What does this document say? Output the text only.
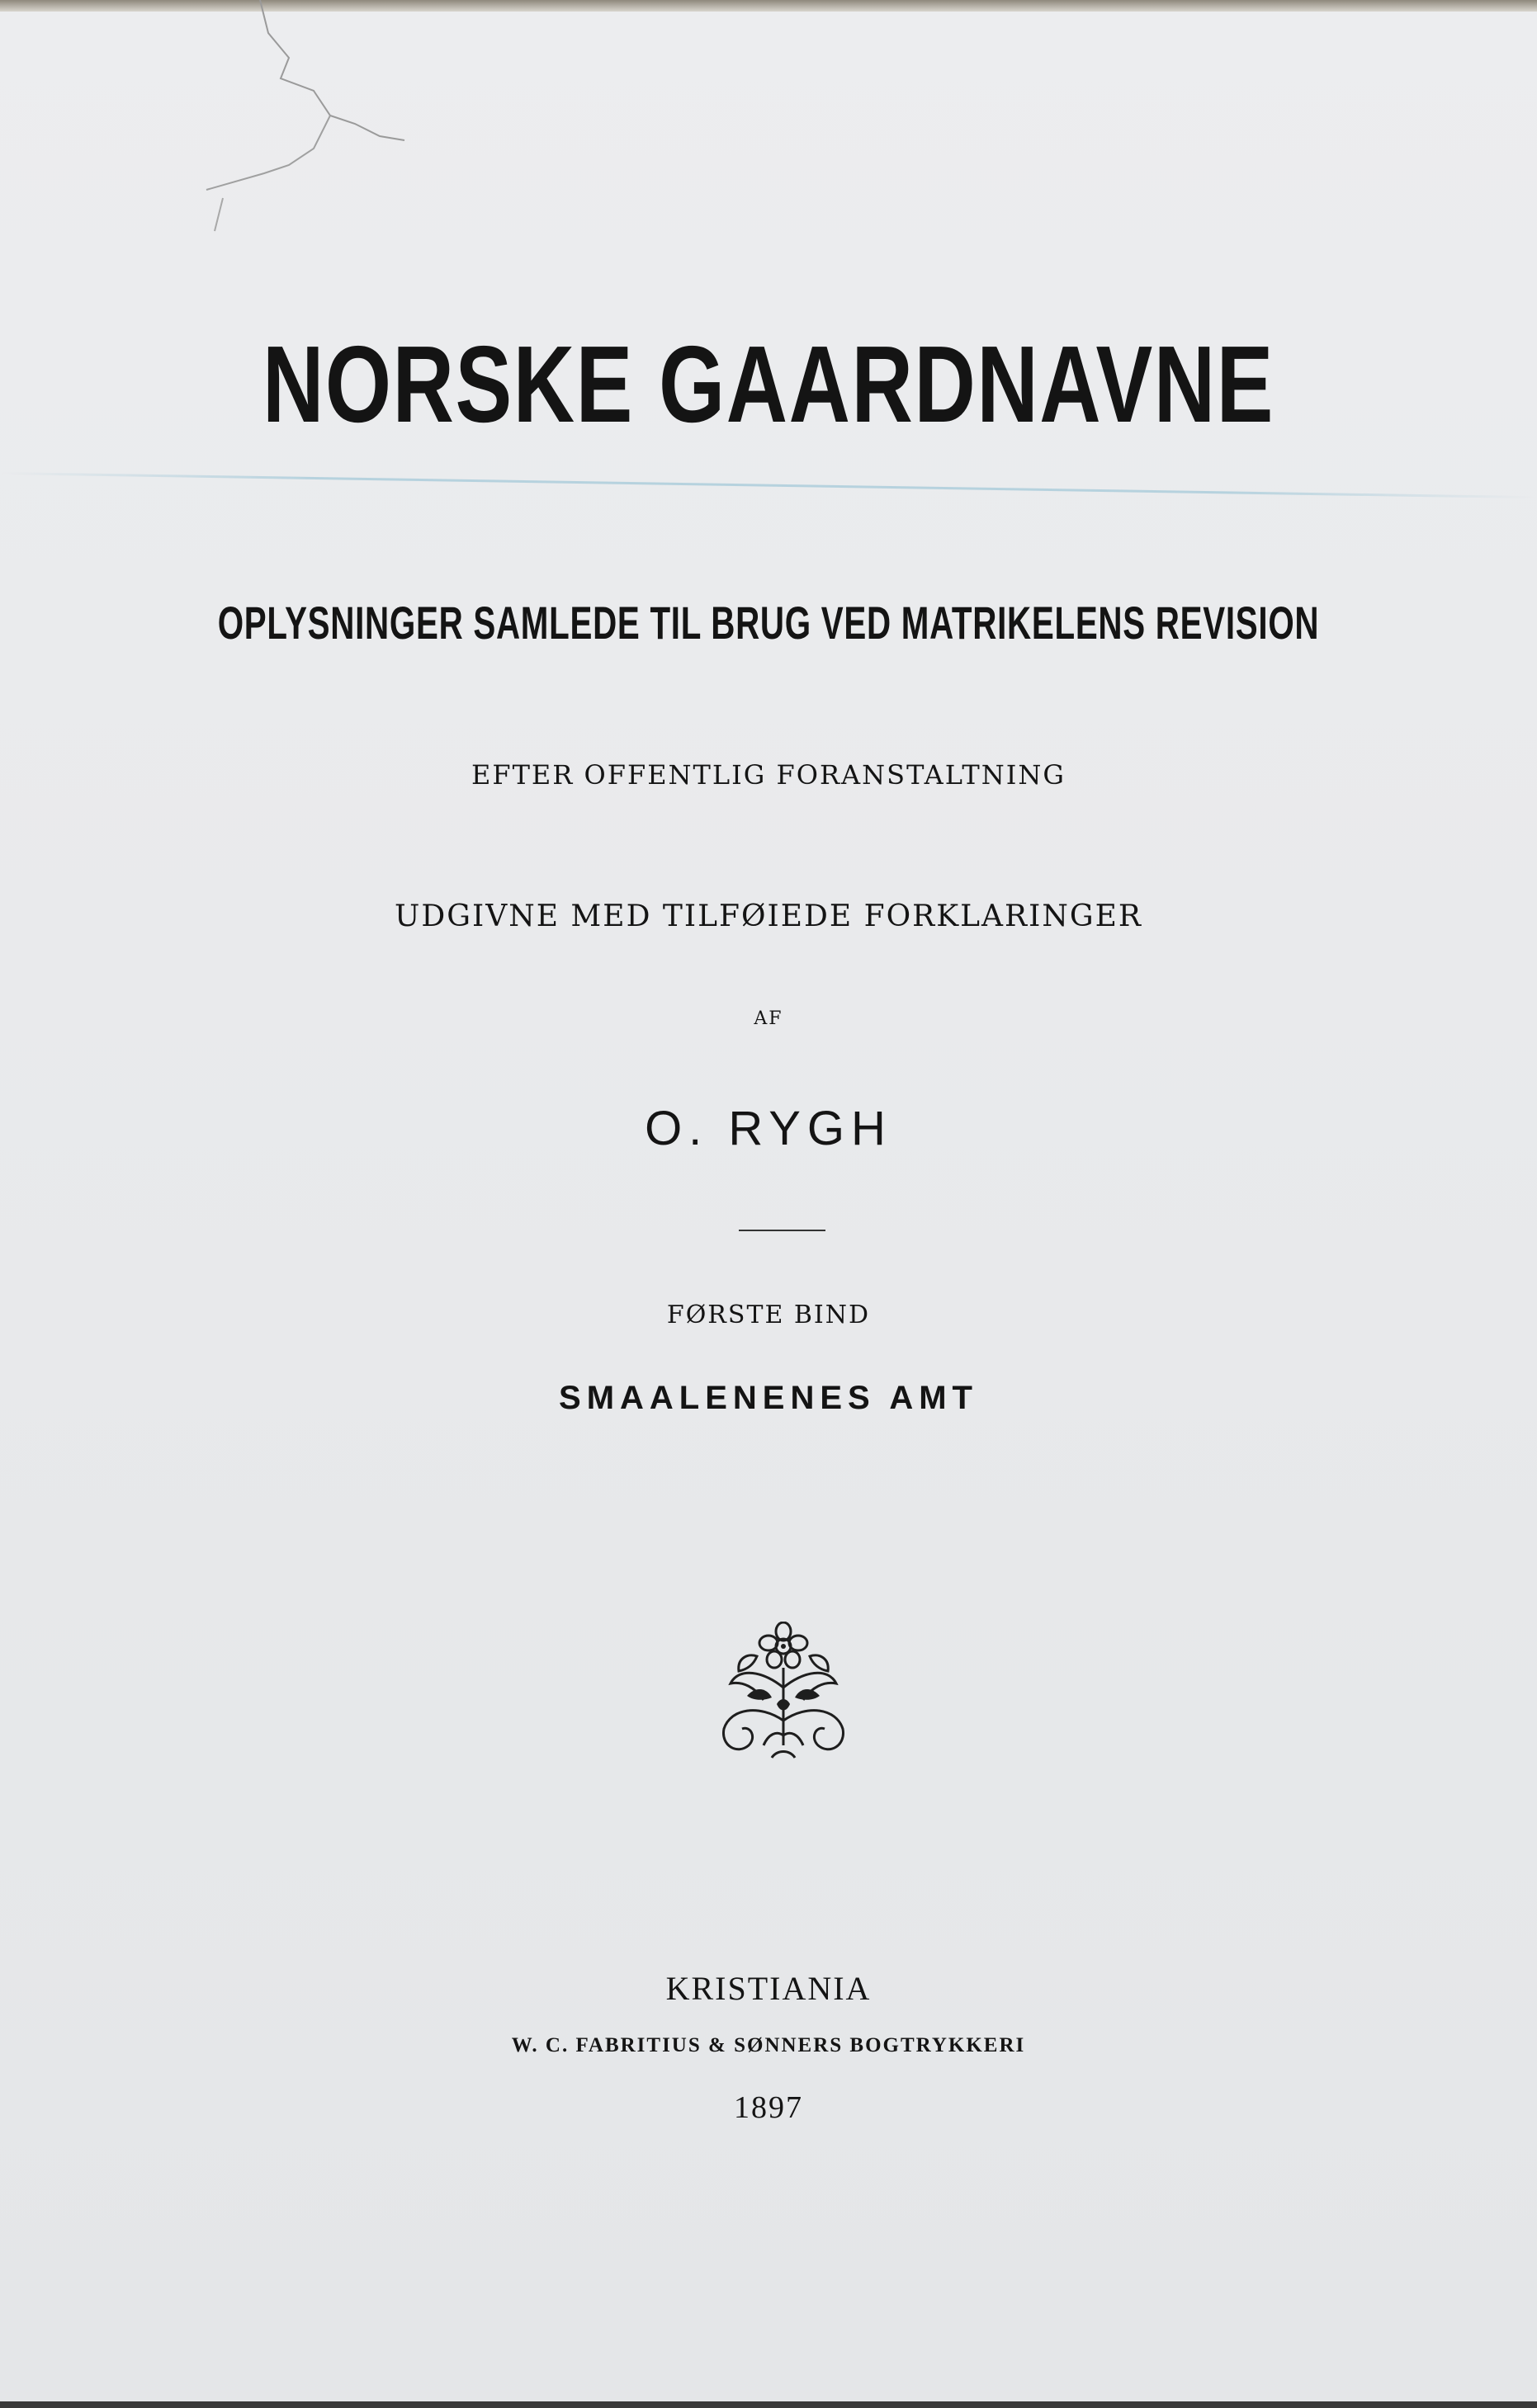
NORSKE GAARDNAVNE
OPLYSNINGER SAMLEDE TIL BRUG VED MATRIKELENS REVISION
EFTER OFFENTLIG FORANSTALTNING
UDGIVNE MED TILFØIEDE FORKLARINGER
AF
O. RYGH
FØRSTE BIND
SMAALENENES AMT
KRISTIANIA
W. C. FABRITIUS & SØNNERS BOGTRYKKERI
1897
